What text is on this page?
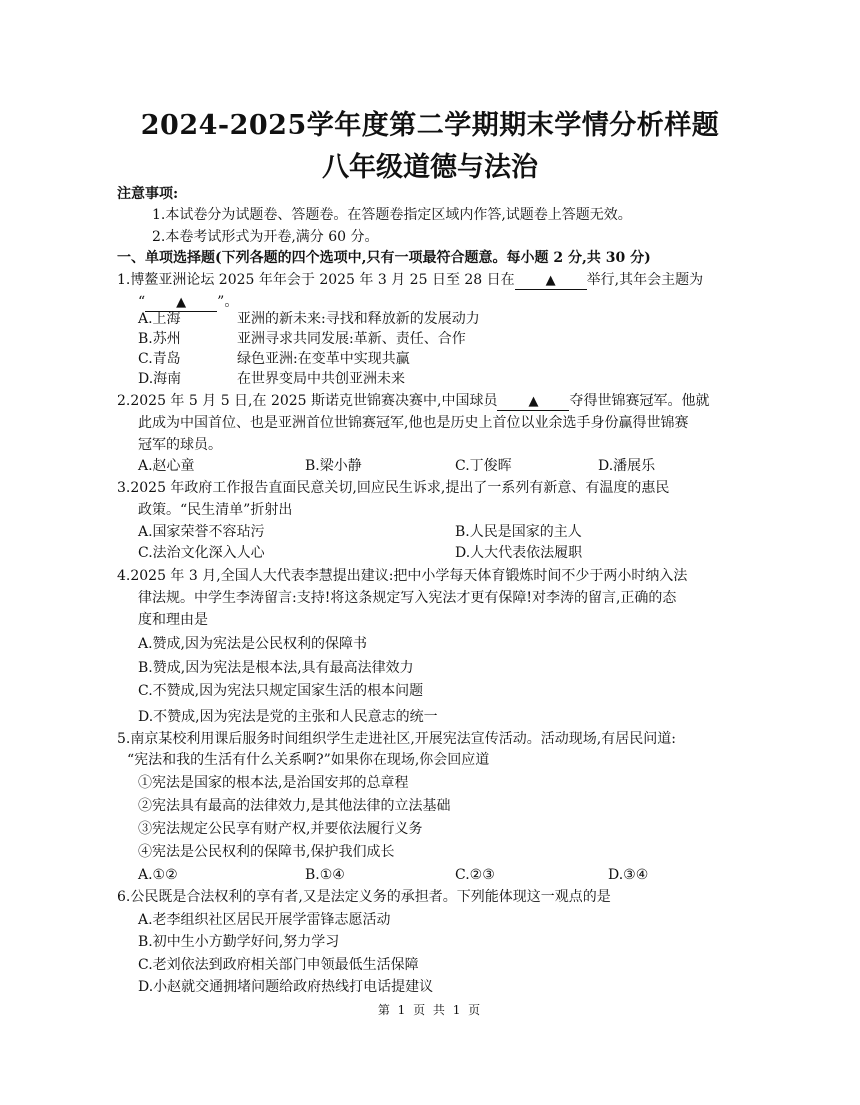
2024-2025学年度第二学期期末学情分析样题
八年级道德与法治
注意事项:
1.本试卷分为试题卷、答题卷。在答题卷指定区域内作答,试题卷上答题无效。
2.本卷考试形式为开卷,满分 60 分。
一、单项选择题(下列各题的四个选项中,只有一项最符合题意。每小题 2 分,共 30 分)
1.博鳌亚洲论坛 2025 年年会于 2025 年 3 月 25 日至 28 日在 ▲ 举行,其年会主题为
“ ▲ ”。
A.上海	亚洲的新未来:寻找和释放新的发展动力
B.苏州	亚洲寻求共同发展:革新、责任、合作
C.青岛	绿色亚洲:在变革中实现共赢
D.海南	在世界变局中共创亚洲未来
2.2025 年 5 月 5 日,在 2025 斯诺克世锦赛决赛中,中国球员 ▲ 夺得世锦赛冠军。他就
此成为中国首位、也是亚洲首位世锦赛冠军,他也是历史上首位以业余选手身份赢得世锦赛
冠军的球员。
A.赵心童	B.梁小静	C.丁俊晖	D.潘展乐
3.2025 年政府工作报告直面民意关切,回应民生诉求,提出了一系列有新意、有温度的惠民
政策。“民生清单”折射出
A.国家荣誉不容玷污	B.人民是国家的主人
C.法治文化深入人心	D.人大代表依法履职
4.2025 年 3 月,全国人大代表李慧提出建议:把中小学每天体育锻炼时间不少于两小时纳入法
律法规。中学生李涛留言:支持!将这条规定写入宪法才更有保障!对李涛的留言,正确的态
度和理由是
A.赞成,因为宪法是公民权利的保障书
B.赞成,因为宪法是根本法,具有最高法律效力
C.不赞成,因为宪法只规定国家生活的根本问题
D.不赞成,因为宪法是党的主张和人民意志的统一
5.南京某校利用课后服务时间组织学生走进社区,开展宪法宣传活动。活动现场,有居民问道:
“宪法和我的生活有什么关系啊?”如果你在现场,你会回应道
①宪法是国家的根本法,是治国安邦的总章程
②宪法具有最高的法律效力,是其他法律的立法基础
③宪法规定公民享有财产权,并要依法履行义务
④宪法是公民权利的保障书,保护我们成长
A.①②	B.①④	C.②③	D.③④
6.公民既是合法权利的享有者,又是法定义务的承担者。下列能体现这一观点的是
A.老李组织社区居民开展学雷锋志愿活动
B.初中生小方勤学好问,努力学习
C.老刘依法到政府相关部门申领最低生活保障
D.小赵就交通拥堵问题给政府热线打电话提建议
第 1 页 共 1 页
